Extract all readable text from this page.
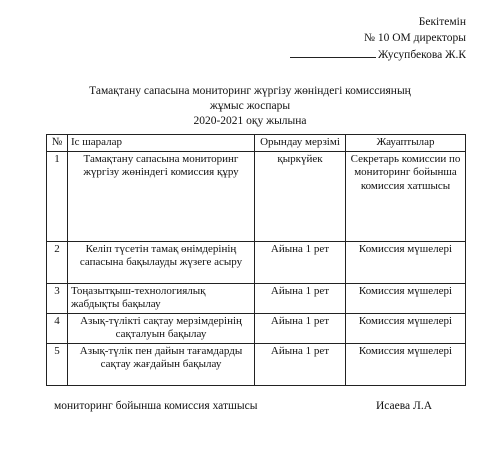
Бекітемін
№ 10 ОМ директоры
Жусупбекова Ж.К
Тамақтану сапасына мониторинг жүргізу жөніндегі комиссияның
жұмыс жоспары
2020-2021 оқу жылына
№	Іс шаралар	Орындау мерзімі	Жауаптылар
1	Тамақтану сапасына мониторинг жүргізу жөніндегі комиссия құру	қыркүйек	Секретарь комиссии по мониторинг бойынша комиссия хатшысы
2	Келіп түсетін тамақ өнімдерінің сапасына бақылауды жүзеге асыру	Айына 1 рет	Комиссия мүшелері
3	Тоңазытқыш-технологиялық жабдықты бақылау	Айына 1 рет	Комиссия мүшелері
4	Азық-түлікті сақтау мерзімдерінің сақталуын бақылау	Айына 1 рет	Комиссия мүшелері
5	Азық-түлік пен дайын тағамдарды сақтау жағдайын бақылау	Айына 1 рет	Комиссия мүшелері
мониторинг бойынша комиссия хатшысы	Исаева Л.А
